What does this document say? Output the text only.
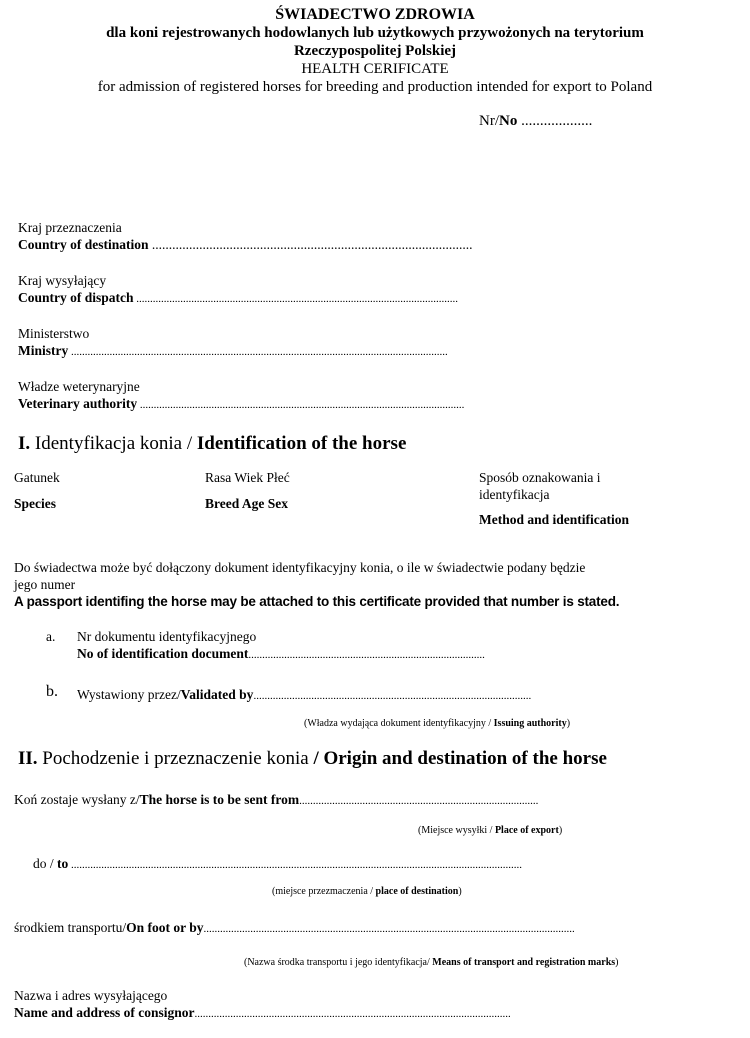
ŚWIADECTWO ZDROWIA
dla koni rejestrowanych hodowlanych lub użytkowych przywożonych na terytorium
Rzeczypospolitej Polskiej
HEALTH CERIFICATE
for admission of registered horses for breeding and production intended for export to Poland
Nr/No ...................
Kraj przeznaczenia
Country of destination ...............................................................................................
Kraj wysyłający
Country of dispatch .....................................................................................................................
Ministerstwo
Ministry .........................................................................................................................................
Władze weterynaryjne
Veterinary authority ......................................................................................................................
I. Identyfikacja konia / Identification of the horse
Gatunek
Species
Rasa Wiek Płeć
Breed Age Sex
Sposób oznakowania i
identyfikacja
Method and identification
Do świadectwa może być dołączony dokument identyfikacyjny konia, o ile w świadectwie podany będzie
jego numer
A passport identifing the horse may be attached to this certificate provided that number is stated.
a. Nr dokumentu identyfikacyjnego
No of identification document......................................................................................
b. Wystawiony przez/Validated by.....................................................................................................
(Władza wydająca dokument identyfikacyjny / Issuing authority)
II. Pochodzenie i przeznaczenie konia / Origin and destination of the horse
Koń zostaje wysłany z/The horse is to be sent from.......................................................................................
(Miejsce wysyłki / Place of export)
do / to ....................................................................................................................................................................
(miejsce przezmaczenia / place of destination)
środkiem transportu/On foot or by.......................................................................................................................................
(Nazwa środka transportu i jego identyfikacja/ Means of transport and registration marks)
Nazwa i adres wysyłającego
Name and address of consignor...................................................................................................................
